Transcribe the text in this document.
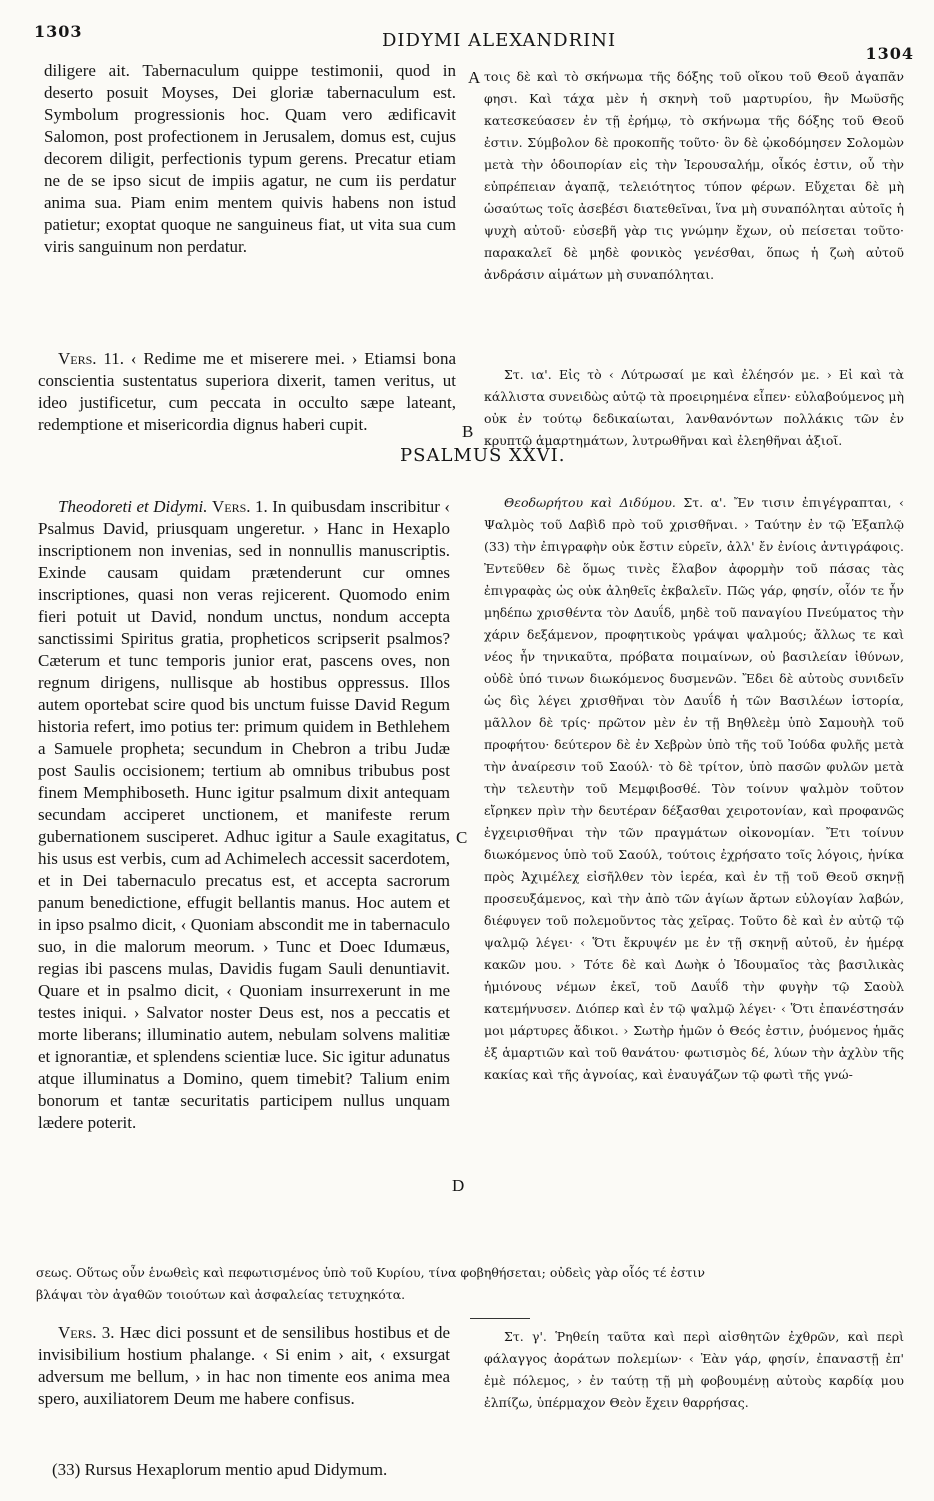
1303	DIDYMI ALEXANDRINI
1304
A
B
C
D

diligere ait. Tabernaculum quippe testimonii, quod in deserto posuit Moyses, Dei gloriæ tabernaculum est. Symbolum progressionis hoc. Quam vero ædificavit Salomon, post profectionem in Jerusalem, domus est, cujus decorem diligit, perfectionis typum gerens. Precatur etiam ne de se ipso sicut de impiis agatur, ne cum iis perdatur anima sua. Piam enim mentem quivis habens non istud patietur; exoptat quoque ne sanguineus fiat, ut vita sua cum viris sanguinum non perdatur.

Vers. 11. ‹ Redime me et miserere mei. › Etiamsi bona conscientia sustentatus superiora dixerit, tamen veritus, ut ideo justificetur, cum peccata in occulto sæpe lateant, redemptione et misericordia dignus haberi cupit.

PSALMUS XXVI.

Theodoreti et Didymi. Vers. 1. In quibusdam inscribitur ‹ Psalmus David, priusquam ungeretur. › Hanc in Hexaplo inscriptionem non invenias, sed in nonnullis manuscriptis. Exinde causam quidam prætenderunt cur omnes inscriptiones, quasi non veras rejicerent. Quomodo enim fieri potuit ut David, nondum unctus, nondum accepta sanctissimi Spiritus gratia, propheticos scripserit psalmos? Cæterum et tunc temporis junior erat, pascens oves, non regnum dirigens, nullisque ab hostibus oppressus. Illos autem oportebat scire quod bis unctum fuisse David Regum historia refert, imo potius ter: primum quidem in Bethlehem a Samuele propheta; secundum in Chebron a tribu Judæ post Saulis occisionem; tertium ab omnibus tribubus post finem Memphiboseth. Hunc igitur psalmum dixit antequam secundam acciperet unctionem, et manifeste rerum gubernationem susciperet. Adhuc igitur a Saule exagitatus, his usus est verbis, cum ad Achimelech accessit sacerdotem, et in Dei tabernaculo precatus est, et accepta sacrorum panum benedictione, effugit bellantis manus. Hoc autem et in ipso psalmo dicit, ‹ Quoniam abscondit me in tabernaculo suo, in die malorum meorum. › Tunc et Doec Idumæus, regias ibi pascens mulas, Davidis fugam Sauli denuntiavit. Quare et in psalmo dicit, ‹ Quoniam insurrexerunt in me testes iniqui. › Salvator noster Deus est, nos a peccatis et morte liberans; illuminatio autem, nebulam solvens malitiæ et ignorantiæ, et splendens scientiæ luce. Sic igitur adunatus atque illuminatus a Domino, quem timebit? Talium enim bonorum et tantæ securitatis participem nullus unquam lædere poterit.

τοις δὲ καὶ τὸ σκήνωμα τῆς δόξης τοῦ οἴκου τοῦ Θεοῦ ἀγαπᾶν φησι. Καὶ τάχα μὲν ἡ σκηνὴ τοῦ μαρτυρίου, ἣν Μωϋσῆς κατεσκεύασεν ἐν τῇ ἐρήμῳ, τὸ σκήνωμα τῆς δόξης τοῦ Θεοῦ ἐστιν. Σύμβολον δὲ προκοπῆς τοῦτο· ὃν δὲ ᾠκοδόμησεν Σολομὼν μετὰ τὴν ὁδοιπορίαν εἰς τὴν Ἱερουσαλήμ, οἶκός ἐστιν, οὗ τὴν εὐπρέπειαν ἀγαπᾷ, τελειότητος τύπον φέρων. Εὔχεται δὲ μὴ ὡσαύτως τοῖς ἀσεβέσι διατεθεῖναι, ἵνα μὴ συναπόληται αὐτοῖς ἡ ψυχὴ αὐτοῦ· εὐσεβῆ γὰρ τις γνώμην ἔχων, οὐ πείσεται τοῦτο· παρακαλεῖ δὲ μηδὲ φονικὸς γενέσθαι, ὅπως ἡ ζωὴ αὐτοῦ ἀνδράσιν αἱμάτων μὴ συναπόληται.

Στ. ια'. Εἰς τὸ ‹ Λύτρωσαί με καὶ ἐλέησόν με. › Εἰ καὶ τὰ κάλλιστα συνειδὼς αὐτῷ τὰ προειρημένα εἶπεν· εὐλαβούμενος μὴ οὐκ ἐν τούτῳ δεδικαίωται, λανθανόντων πολλάκις τῶν ἐν κρυπτῷ ἁμαρτημάτων, λυτρωθῆναι καὶ ἐλεηθῆναι ἀξιοῖ.

Θεοδωρήτου καὶ Διδύμου. Στ. α'. Ἔν τισιν ἐπιγέγραπται, ‹ Ψαλμὸς τοῦ Δαβὶδ πρὸ τοῦ χρισθῆναι. › Ταύτην ἐν τῷ Ἑξαπλῷ (33) τὴν ἐπιγραφὴν οὐκ ἔστιν εὑρεῖν, ἀλλ' ἔν ἐνίοις ἀντιγράφοις. Ἐντεῦθεν δὲ ὅμως τινὲς ἔλαβον ἀφορμὴν τοῦ πάσας τὰς ἐπιγραφὰς ὡς οὐκ ἀληθεῖς ἐκβαλεῖν. Πῶς γάρ, φησίν, οἷόν τε ἦν μηδέπω χρισθέντα τὸν Δαυΐδ, μηδὲ τοῦ παναγίου Πνεύματος τὴν χάριν δεξάμενον, προφητικοὺς γράψαι ψαλμούς; ἄλλως τε καὶ νέος ἦν τηνικαῦτα, πρόβατα ποιμαίνων, οὐ βασιλείαν ἰθύνων, οὐδὲ ὑπό τινων διωκόμενος δυσμενῶν. Ἔδει δὲ αὐτοὺς συνιδεῖν ὡς δὶς λέγει χρισθῆναι τὸν Δαυΐδ ἡ τῶν Βασιλέων ἱστορία, μᾶλλον δὲ τρίς· πρῶτον μὲν ἐν τῇ Βηθλεὲμ ὑπὸ Σαμουὴλ τοῦ προφήτου· δεύτερον δὲ ἐν Χεβρὼν ὑπὸ τῆς τοῦ Ἰούδα φυλῆς μετὰ τὴν ἀναίρεσιν τοῦ Σαούλ· τὸ δὲ τρίτον, ὑπὸ πασῶν φυλῶν μετὰ τὴν τελευτὴν τοῦ Μεμφιβοσθέ. Τὸν τοίνυν ψαλμὸν τοῦτον εἴρηκεν πρὶν τὴν δευτέραν δέξασθαι χειροτονίαν, καὶ προφανῶς ἐγχειρισθῆναι τὴν τῶν πραγμάτων οἰκονομίαν. Ἔτι τοίνυν διωκόμενος ὑπὸ τοῦ Σαούλ, τούτοις ἐχρήσατο τοῖς λόγοις, ἡνίκα πρὸς Ἀχιμέλεχ εἰσῆλθεν τὸν ἱερέα, καὶ ἐν τῇ τοῦ Θεοῦ σκηνῇ προσευξάμενος, καὶ τὴν ἀπὸ τῶν ἁγίων ἄρτων εὐλογίαν λαβών, διέφυγεν τοῦ πολεμοῦντος τὰς χεῖρας. Τοῦτο δὲ καὶ ἐν αὐτῷ τῷ ψαλμῷ λέγει· ‹ Ὅτι ἔκρυψέν με ἐν τῇ σκηνῇ αὐτοῦ, ἐν ἡμέρᾳ κακῶν μου. › Τότε δὲ καὶ Δωὴκ ὁ Ἰδουμαῖος τὰς βασιλικὰς ἡμιόνους νέμων ἐκεῖ, τοῦ Δαυΐδ τὴν φυγὴν τῷ Σαοὺλ κατεμήνυσεν. Διόπερ καὶ ἐν τῷ ψαλμῷ λέγει· ‹ Ὅτι ἐπανέστησάν μοι μάρτυρες ἄδικοι. › Σωτὴρ ἡμῶν ὁ Θεός ἐστιν, ῥυόμενος ἡμᾶς ἐξ ἁμαρτιῶν καὶ τοῦ θανάτου· φωτισμὸς δέ, λύων τὴν ἀχλὺν τῆς κακίας καὶ τῆς ἀγνοίας, καὶ ἐναυγάζων τῷ φωτὶ τῆς γνώ-

σεως. Οὕτως οὖν ἑνωθεὶς καὶ πεφωτισμένος ὑπὸ τοῦ Κυρίου, τίνα φοβηθήσεται; οὐδεὶς γὰρ οἷός τέ ἐστιν
βλάψαι τὸν ἀγαθῶν τοιούτων καὶ ἀσφαλείας τετυχηκότα.

Vers. 3. Hæc dici possunt et de sensilibus hostibus et de invisibilium hostium phalange. ‹ Si enim › ait, ‹ exsurgat adversum me bellum, › in hac non timente eos anima mea spero, auxiliatorem Deum me habere confisus.

Στ. γ'. Ῥηθείη ταῦτα καὶ περὶ αἰσθητῶν ἐχθρῶν, καὶ περὶ φάλαγγος ἀοράτων πολεμίων· ‹ Ἐὰν γάρ, φησίν, ἐπαναστῇ ἐπ' ἐμὲ πόλεμος, › ἐν ταύτῃ τῇ μὴ φοβουμένῃ αὐτοὺς καρδίᾳ μου ἐλπίζω, ὑπέρμαχον Θεὸν ἔχειν θαρρήσας.

(33) Rursus Hexaplorum mentio apud Didymum.
